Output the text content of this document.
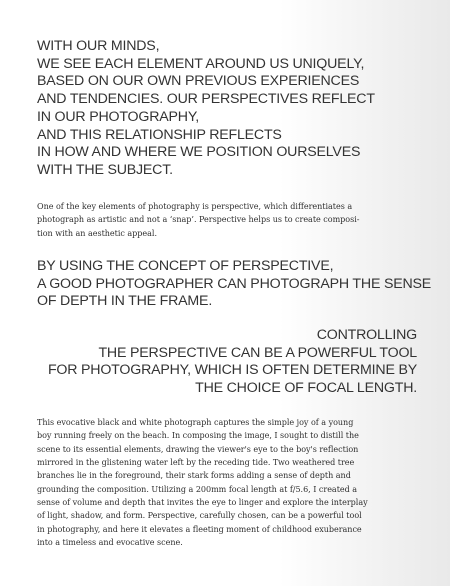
WITH OUR MINDS,
WE SEE EACH ELEMENT AROUND US UNIQUELY,
BASED ON OUR OWN PREVIOUS EXPERIENCES
AND TENDENCIES. OUR PERSPECTIVES REFLECT
IN OUR PHOTOGRAPHY,
AND THIS RELATIONSHIP REFLECTS
IN HOW AND WHERE WE POSITION OURSELVES
WITH THE SUBJECT.

One of the key elements of photography is perspective, which differentiates a
photograph as artistic and not a ‘snap’. Perspective helps us to create composi-
tion with an aesthetic appeal.

BY USING THE CONCEPT OF PERSPECTIVE,
A GOOD PHOTOGRAPHER CAN PHOTOGRAPH THE SENSE
OF DEPTH IN THE FRAME.
CONTROLLING
THE PERSPECTIVE CAN BE A POWERFUL TOOL
FOR PHOTOGRAPHY, WHICH IS OFTEN DETERMINE BY
THE CHOICE OF FOCAL LENGTH.

This evocative black and white photograph captures the simple joy of a young
boy running freely on the beach. In composing the image, I sought to distill the
scene to its essential elements, drawing the viewer's eye to the boy's reflection
mirrored in the glistening water left by the receding tide. Two weathered tree
branches lie in the foreground, their stark forms adding a sense of depth and
grounding the composition. Utilizing a 200mm focal length at f/5.6, I created a
sense of volume and depth that invites the eye to linger and explore the interplay
of light, shadow, and form. Perspective, carefully chosen, can be a powerful tool
in photography, and here it elevates a fleeting moment of childhood exuberance
into a timeless and evocative scene.
